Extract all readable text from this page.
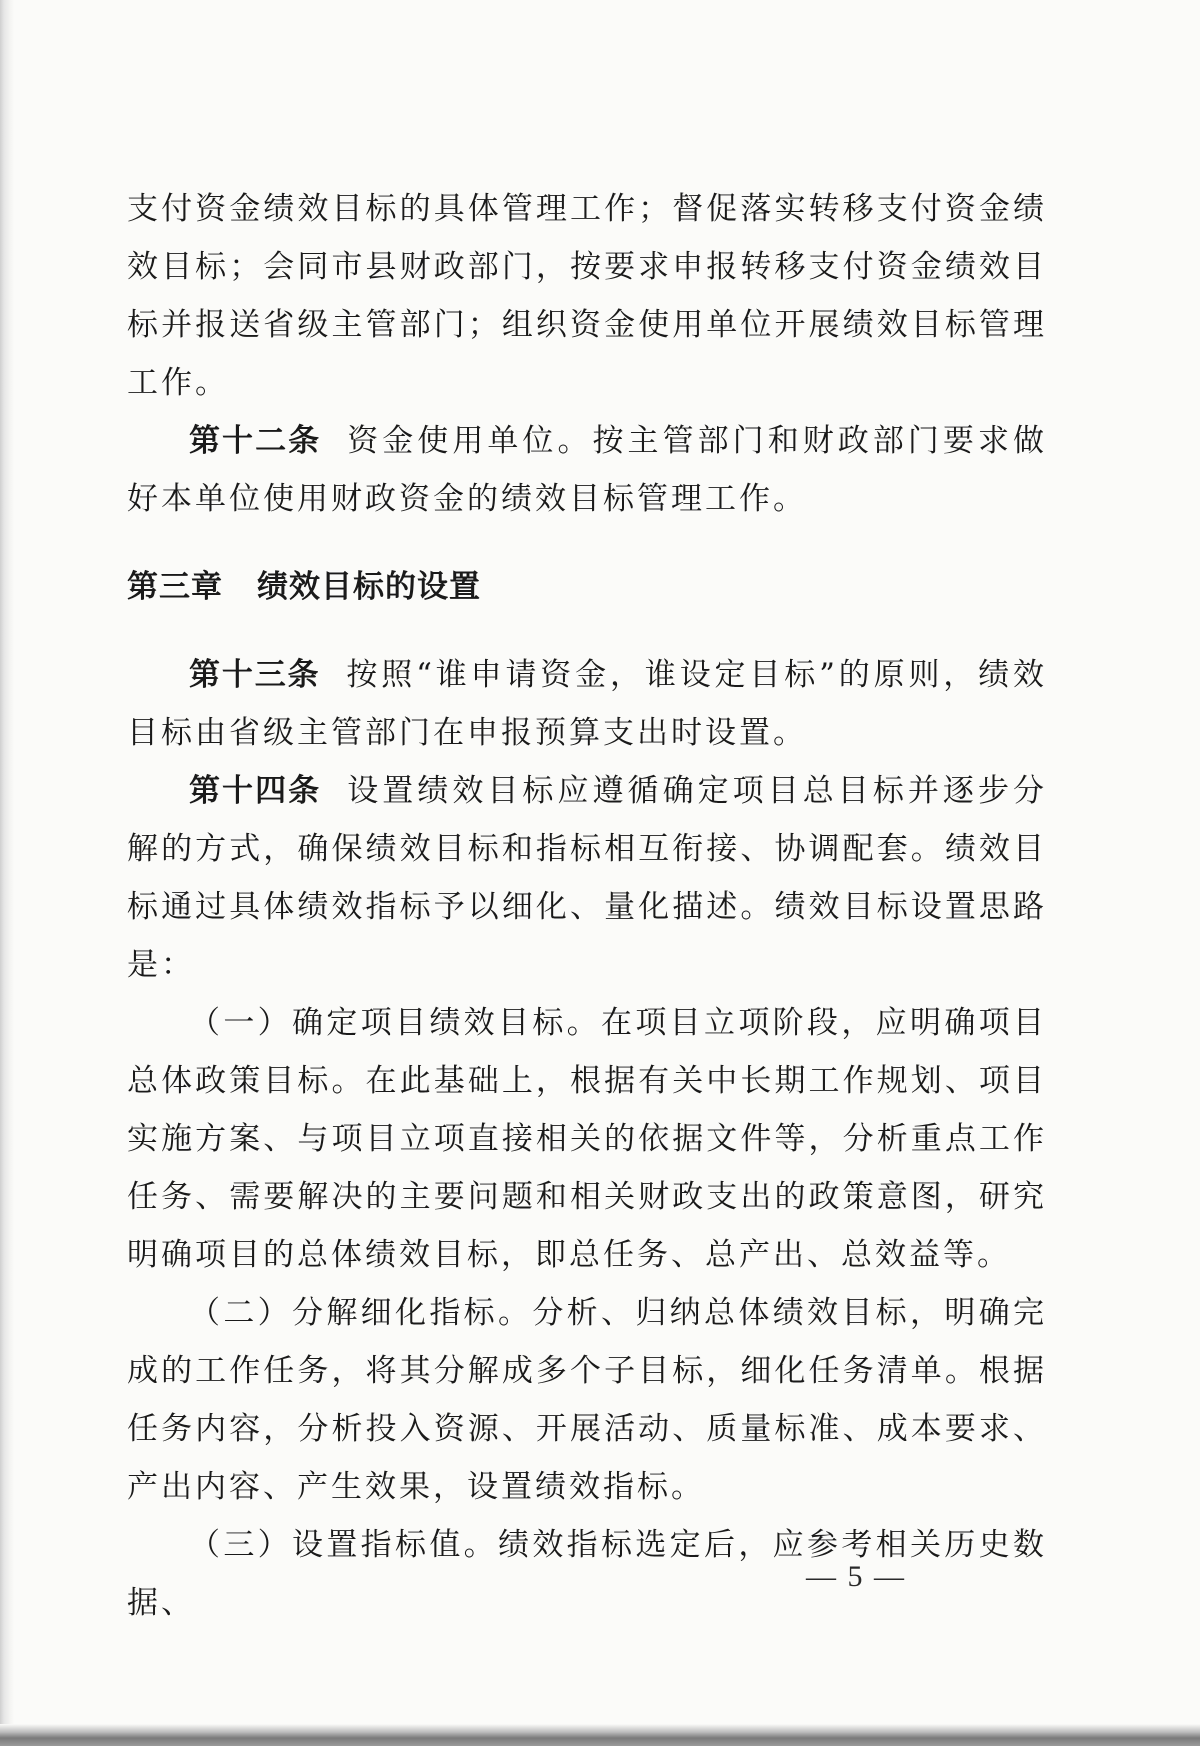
支付资金绩效目标的具体管理工作；督促落实转移支付资金绩效目标；会同市县财政部门，按要求申报转移支付资金绩效目标并报送省级主管部门；组织资金使用单位开展绩效目标管理工作。

第十二条 资金使用单位。按主管部门和财政部门要求做好本单位使用财政资金的绩效目标管理工作。

第三章 绩效目标的设置

第十三条 按照“谁申请资金，谁设定目标”的原则，绩效目标由省级主管部门在申报预算支出时设置。

第十四条 设置绩效目标应遵循确定项目总目标并逐步分解的方式，确保绩效目标和指标相互衔接、协调配套。绩效目标通过具体绩效指标予以细化、量化描述。绩效目标设置思路是：

（一）确定项目绩效目标。在项目立项阶段，应明确项目总体政策目标。在此基础上，根据有关中长期工作规划、项目实施方案、与项目立项直接相关的依据文件等，分析重点工作任务、需要解决的主要问题和相关财政支出的政策意图，研究明确项目的总体绩效目标，即总任务、总产出、总效益等。

（二）分解细化指标。分析、归纳总体绩效目标，明确完成的工作任务，将其分解成多个子目标，细化任务清单。根据任务内容，分析投入资源、开展活动、质量标准、成本要求、产出内容、产生效果，设置绩效指标。

（三）设置指标值。绩效指标选定后，应参考相关历史数据、

— 5 —
